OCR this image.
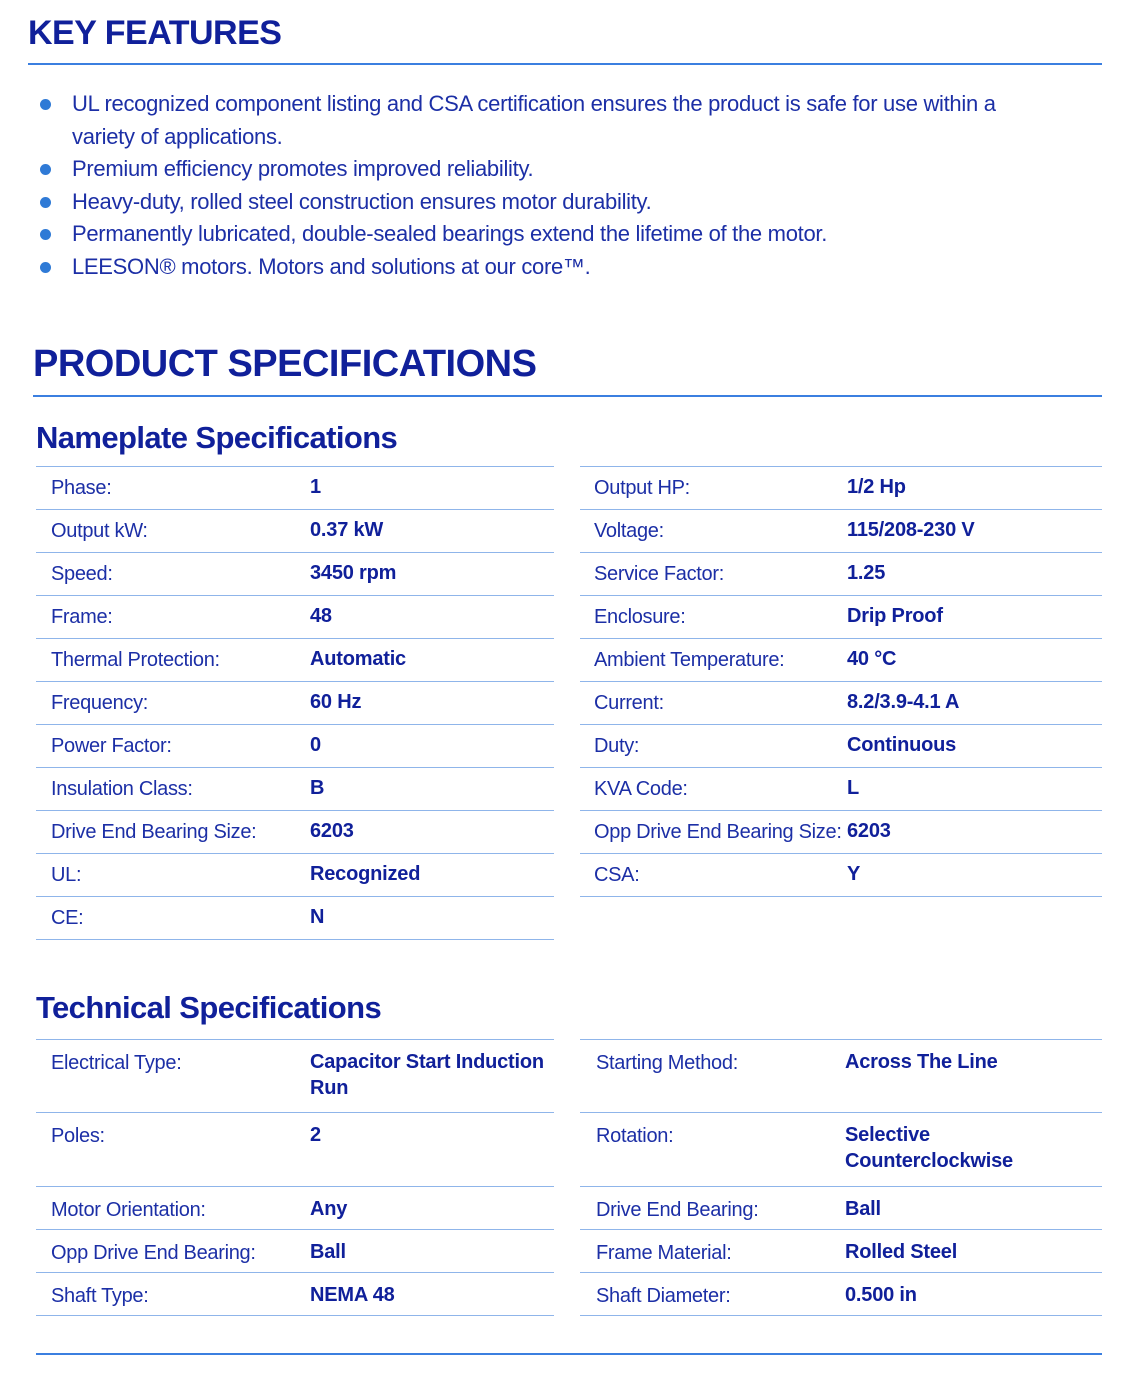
KEY FEATURES
UL recognized component listing and CSA certification ensures the product is safe for use within a variety of applications.
Premium efficiency promotes improved reliability.
Heavy-duty, rolled steel construction ensures motor durability.
Permanently lubricated, double-sealed bearings extend the lifetime of the motor.
LEESON® motors. Motors and solutions at our core™.
PRODUCT SPECIFICATIONS
Nameplate Specifications
Phase:	1
Output kW:	0.37 kW
Speed:	3450 rpm
Frame:	48
Thermal Protection:	Automatic
Frequency:	60 Hz
Power Factor:	0
Insulation Class:	B
Drive End Bearing Size:	6203
UL:	Recognized
CE:	N
Output HP:	1/2 Hp
Voltage:	115/208-230 V
Service Factor:	1.25
Enclosure:	Drip Proof
Ambient Temperature:	40 °C
Current:	8.2/3.9-4.1 A
Duty:	Continuous
KVA Code:	L
Opp Drive End Bearing Size: 6203
CSA:	Y
Technical Specifications
Electrical Type:	Capacitor Start Induction
Run
Poles:	2
Motor Orientation:	Any
Opp Drive End Bearing:	Ball
Shaft Type:	NEMA 48
Starting Method:	Across The Line
Rotation:	Selective
Counterclockwise
Drive End Bearing:	Ball
Frame Material:	Rolled Steel
Shaft Diameter:	0.500 in
